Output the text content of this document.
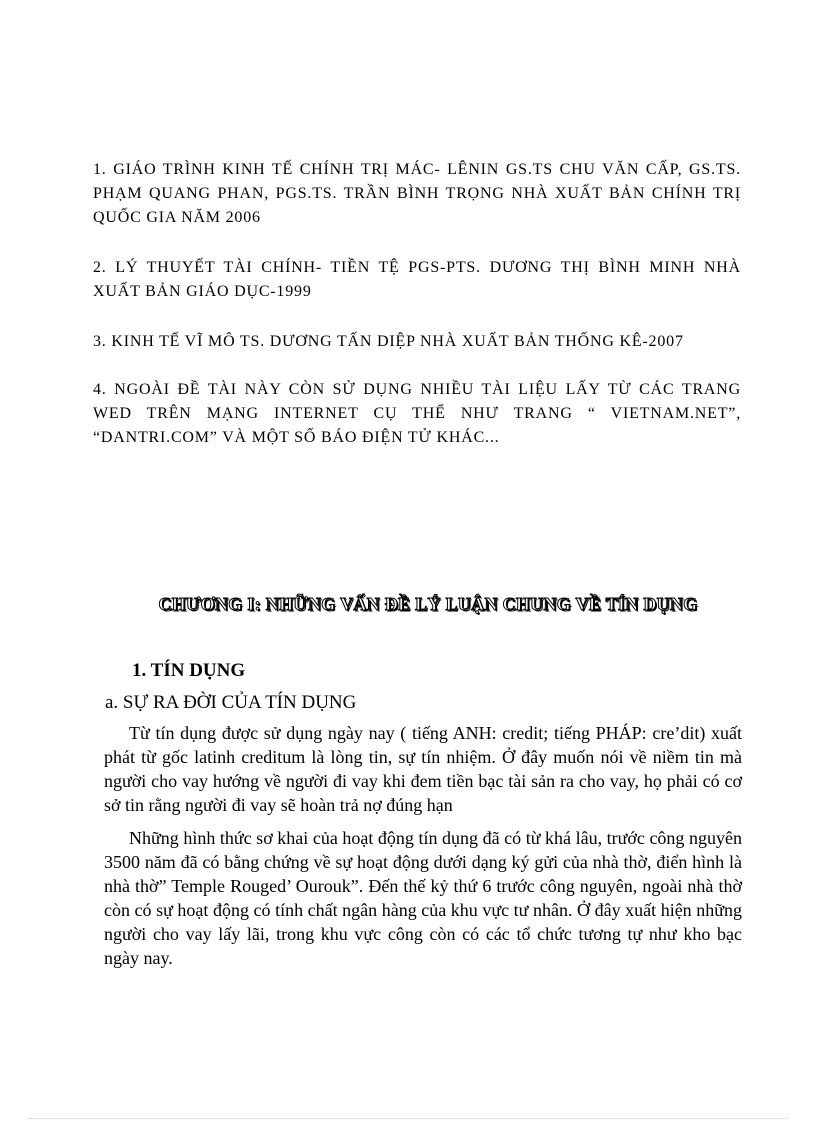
1. GIÁO TRÌNH KINH TẾ CHÍNH TRỊ MÁC- LÊNIN GS.TS CHU VĂN CẤP, GS.TS. PHẠM QUANG PHAN, PGS.TS. TRẦN BÌNH TRỌNG NHÀ XUẤT BẢN CHÍNH TRỊ QUỐC GIA NĂM 2006

2. LÝ THUYẾT TÀI CHÍNH- TIỀN TỆ PGS-PTS. DƯƠNG THỊ BÌNH MINH NHÀ XUẤT BẢN GIÁO DỤC-1999

3. KINH TẾ VĨ MÔ TS. DƯƠNG TẤN DIỆP NHÀ XUẤT BẢN THỐNG KÊ-2007

4. NGOÀI ĐỀ TÀI NÀY CÒN SỬ DỤNG NHIỀU TÀI LIỆU LẤY TỪ CÁC TRANG WED TRÊN MẠNG INTERNET CỤ THỂ NHƯ TRANG “ VIETNAM.NET”, “DANTRI.COM” VÀ MỘT SỐ BÁO ĐIỆN TỬ KHÁC...

CHƯƠNG I: NHỮNG VẤN ĐỀ LÝ LUẬN CHUNG VỀ TÍN DỤNG
1. TÍN DỤNG
a. SỰ RA ĐỜI CỦA TÍN DỤNG

Từ tín dụng được sử dụng ngày nay ( tiếng ANH: credit; tiếng PHÁP: cre’dit) xuất phát từ gốc latinh creditum là lòng tin, sự tín nhiệm. Ở đây muốn nói về niềm tin mà người cho vay hướng về người đi vay khi đem tiền bạc tài sản ra cho vay, họ phải có cơ sở tin rằng người đi vay sẽ hoàn trả nợ đúng hạn

Những hình thức sơ khai của hoạt động tín dụng đã có từ khá lâu, trước công nguyên 3500 năm đã có bằng chứng về sự hoạt động dưới dạng ký gửi của nhà thờ, điển hình là nhà thờ” Temple Rouged’ Ourouk”. Đến thế kỷ thứ 6 trước công nguyên, ngoài nhà thờ còn có sự hoạt động có tính chất ngân hàng của khu vực tư nhân. Ở đây xuất hiện những người cho vay lấy lãi, trong khu vực công còn có các tổ chức tương tự như kho bạc ngày nay.
